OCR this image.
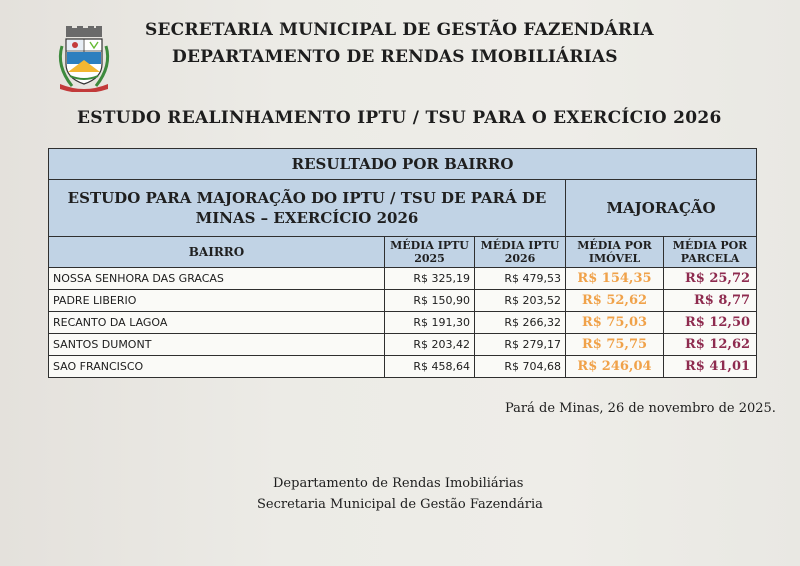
SECRETARIA MUNICIPAL DE GESTÃO FAZENDÁRIA
DEPARTAMENTO DE RENDAS IMOBILIÁRIAS
ESTUDO REALINHAMENTO IPTU / TSU PARA O EXERCÍCIO 2026
RESULTADO POR BAIRRO				
ESTUDO PARA MAJORAÇÃO DO IPTU / TSU DE PARÁ DE MINAS – EXERCÍCIO 2026			MAJORAÇÃO	
BAIRRO	MÉDIA IPTU 2025	MÉDIA IPTU 2026	MÉDIA POR IMÓVEL	MÉDIA POR PARCELA
NOSSA SENHORA DAS GRACAS	R$ 325,19	R$ 479,53	R$ 154,35	R$ 25,72
PADRE LIBERIO	R$ 150,90	R$ 203,52	R$ 52,62	R$ 8,77
RECANTO DA LAGOA	R$ 191,30	R$ 266,32	R$ 75,03	R$ 12,50
SANTOS DUMONT	R$ 203,42	R$ 279,17	R$ 75,75	R$ 12,62
SAO FRANCISCO	R$ 458,64	R$ 704,68	R$ 246,04	R$ 41,01
Pará de Minas, 26 de novembro de 2025.
Departamento de Rendas Imobiliárias
Secretaria Municipal de Gestão Fazendária
